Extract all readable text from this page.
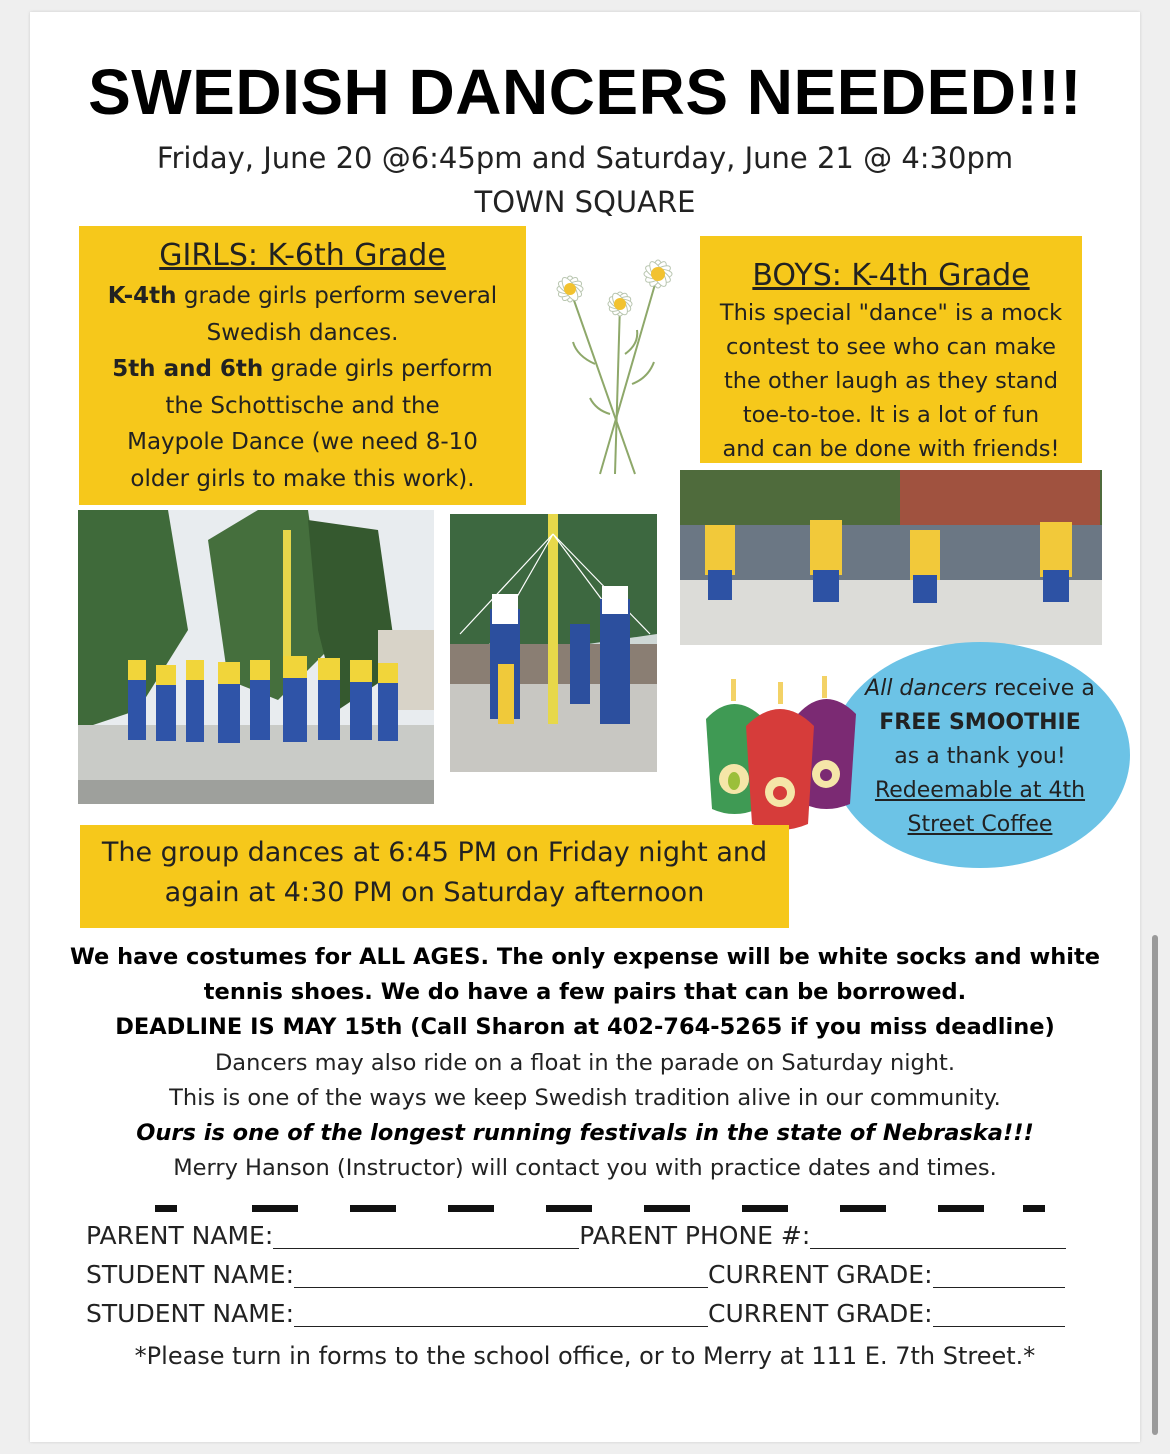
SWEDISH DANCERS NEEDED!!!
Friday, June 20 @6:45pm and Saturday, June 21 @ 4:30pm
TOWN SQUARE
GIRLS: K-6th Grade
K-4th grade girls perform several
Swedish dances.
5th and 6th grade girls perform
the Schottische and the
Maypole Dance (we need 8-10
older girls to make this work).
BOYS: K-4th Grade
This special "dance" is a mock
contest to see who can make
the other laugh as they stand
toe-to-toe. It is a lot of fun
and can be done with friends!
All dancers receive a
FREE SMOOTHIE
as a thank you!
Redeemable at 4th
Street Coffee
The group dances at 6:45 PM on Friday night and
again at 4:30 PM on Saturday afternoon
We have costumes for ALL AGES. The only expense will be white socks and white
tennis shoes. We do have a few pairs that can be borrowed.
DEADLINE IS MAY 15th (Call Sharon at 402-764-5265 if you miss deadline)
Dancers may also ride on a float in the parade on Saturday night.
This is one of the ways we keep Swedish tradition alive in our community.
Ours is one of the longest running festivals in the state of Nebraska!!!
Merry Hanson (Instructor) will contact you with practice dates and times.
PARENT NAME:	PARENT PHONE #:
STUDENT NAME:	CURRENT GRADE:
STUDENT NAME:	CURRENT GRADE:
*Please turn in forms to the school office, or to Merry at 111 E. 7th Street.*
